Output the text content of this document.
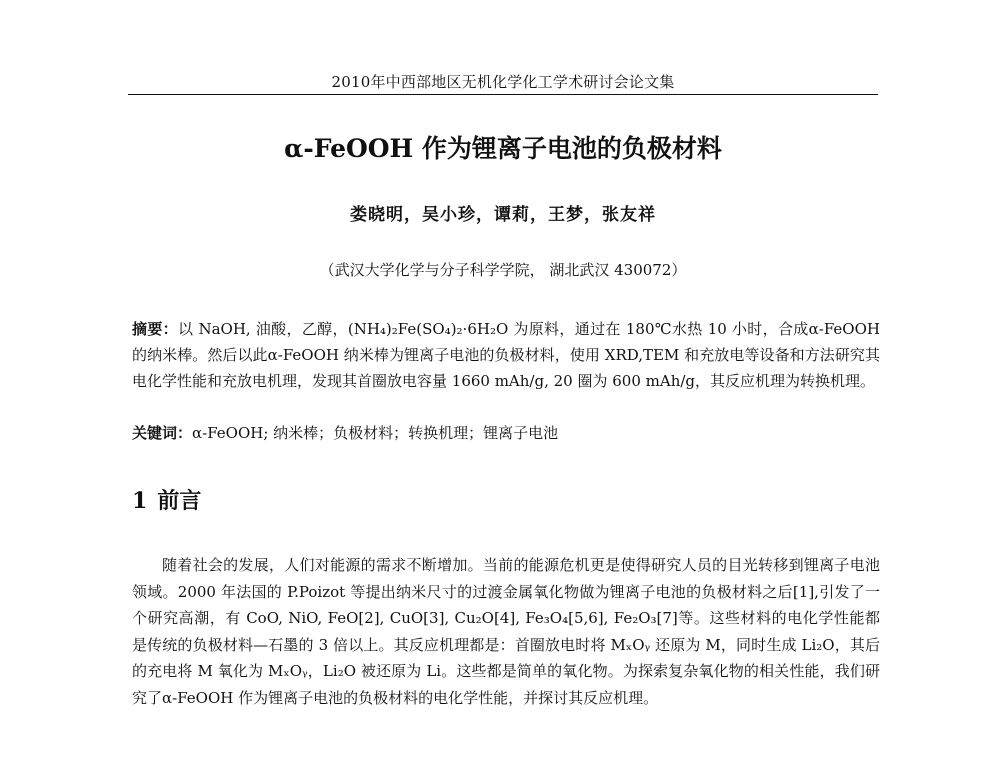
2010年中西部地区无机化学化工学术研讨会论文集
α-FeOOH 作为锂离子电池的负极材料
娄晓明，吴小珍，谭莉，王梦，张友祥
（武汉大学化学与分子科学学院， 湖北武汉 430072）
摘要：以 NaOH, 油酸，乙醇，(NH₄)₂Fe(SO₄)₂·6H₂O 为原料，通过在 180℃水热 10 小时，合成α-FeOOH 的纳米棒。然后以此α-FeOOH 纳米棒为锂离子电池的负极材料，使用 XRD,TEM 和充放电等设备和方法研究其电化学性能和充放电机理，发现其首圈放电容量 1660 mAh/g, 20 圈为 600 mAh/g，其反应机理为转换机理。
关键词：α-FeOOH; 纳米棒；负极材料；转换机理；锂离子电池
1 前言
随着社会的发展，人们对能源的需求不断增加。当前的能源危机更是使得研究人员的目光转移到锂离子电池领域。2000 年法国的 P.Poizot 等提出纳米尺寸的过渡金属氧化物做为锂离子电池的负极材料之后[1],引发了一个研究高潮，有 CoO, NiO, FeO[2], CuO[3], Cu₂O[4], Fe₃O₄[5,6], Fe₂O₃[7]等。这些材料的电化学性能都是传统的负极材料—石墨的 3 倍以上。其反应机理都是：首圈放电时将 MₓOᵧ 还原为 M，同时生成 Li₂O，其后的充电将 M 氧化为 MₓOᵧ，Li₂O 被还原为 Li。这些都是简单的氧化物。为探索复杂氧化物的相关性能，我们研究了α-FeOOH 作为锂离子电池的负极材料的电化学性能，并探讨其反应机理。
